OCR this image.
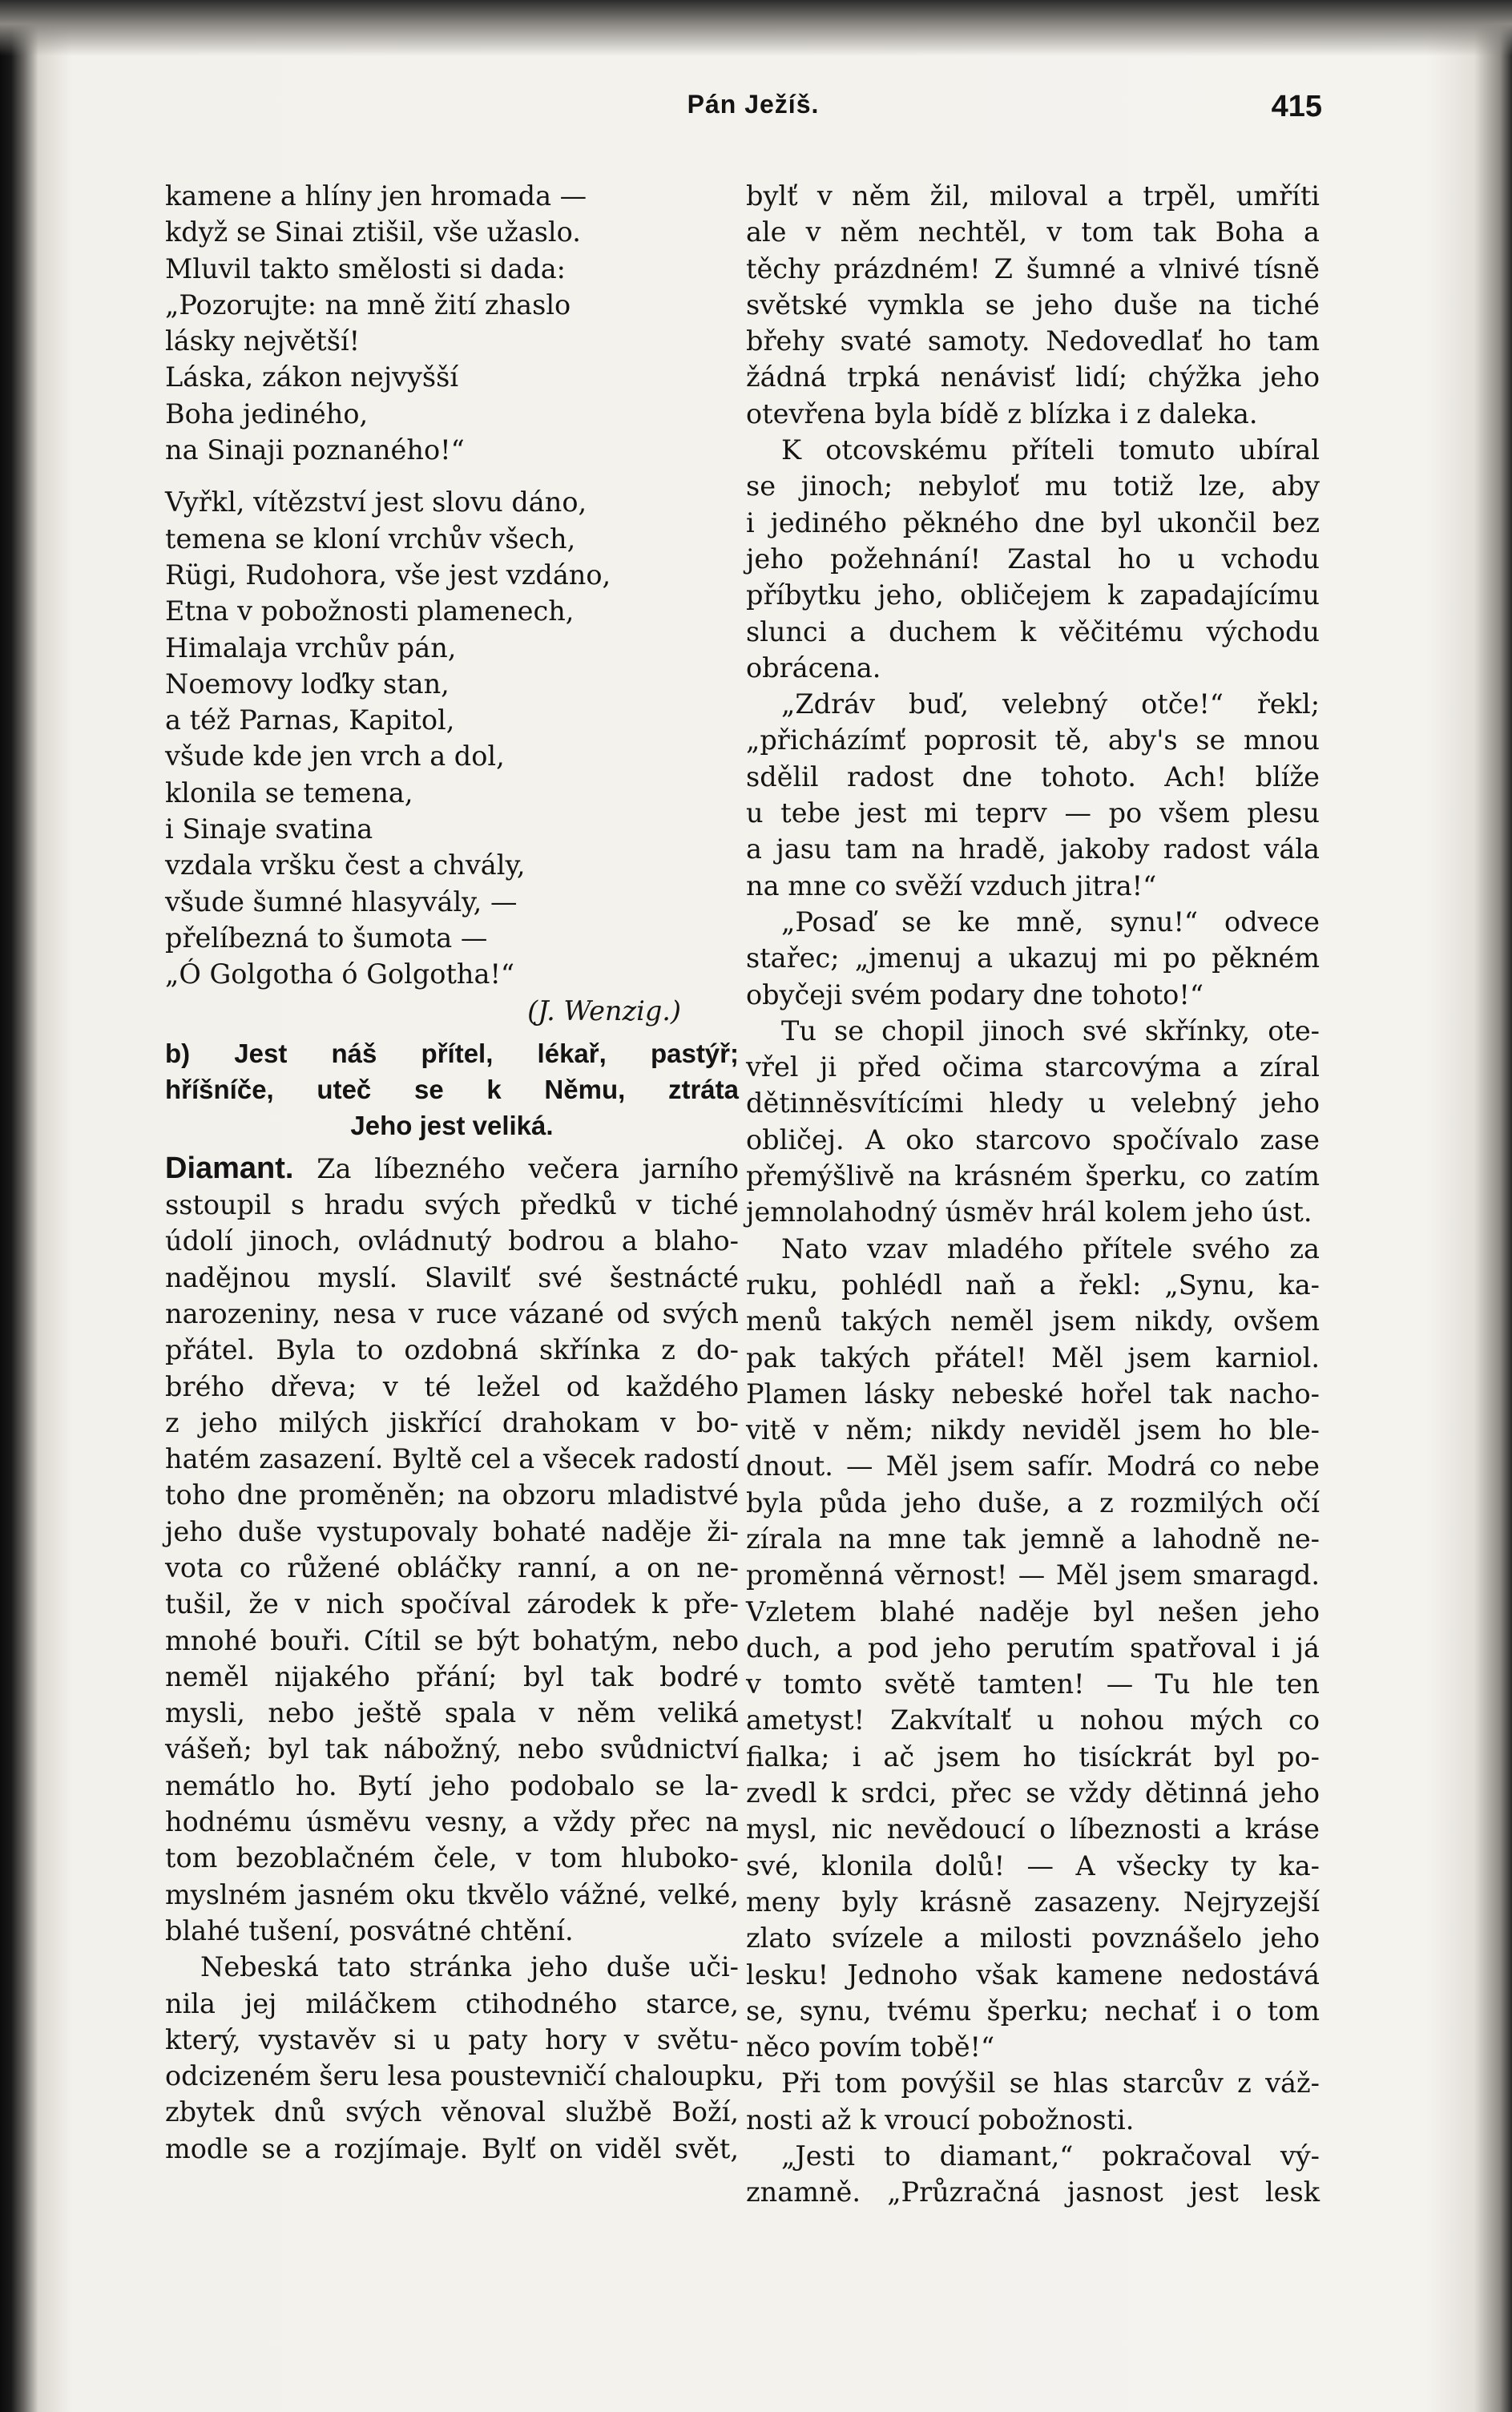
Pán Ježíš.	415
kamene a hlíny jen hromada —
když se Sinai ztišil, vše užaslo.
Mluvil takto smělosti si dada:
„Pozorujte: na mně žití zhaslo
lásky největší!
Láska, zákon nejvyšší
Boha jediného,
na Sinaji poznaného!“
Vyřkl, vítězství jest slovu dáno,
temena se kloní vrchův všech,
Rügi, Rudohora, vše jest vzdáno,
Etna v pobožnosti plamenech,
Himalaja vrchův pán,
Noemovy loďky stan,
a též Parnas, Kapitol,
všude kde jen vrch a dol,
klonila se temena,
i Sinaje svatina
vzdala vršku čest a chvály,
všude šumné hlasyvály, —
přelíbezná to šumota —
„Ó Golgotha ó Golgotha!“
(J. Wenzig.)
b) Jest náš přítel, lékař, pastýř;
hříšníče, uteč se k Němu, ztráta
Jeho jest veliká.
Diamant. Za líbezného večera jarního
sstoupil s hradu svých předků v tiché
údolí jinoch, ovládnutý bodrou a blaho-
nadějnou myslí. Slavilť své šestnácté
narozeniny, nesa v ruce vázané od svých
přátel. Byla to ozdobná skřínka z do-
brého dřeva; v té ležel od každého
z jeho milých jiskřící drahokam v bo-
hatém zasazení. Byltě cel a všecek radostí
toho dne proměněn; na obzoru mladistvé
jeho duše vystupovaly bohaté naděje ži-
vota co růžené obláčky ranní, a on ne-
tušil, že v nich spočíval zárodek k pře-
mnohé bouři. Cítil se být bohatým, nebo
neměl nijakého přání; byl tak bodré
mysli, nebo ještě spala v něm veliká
vášeň; byl tak nábožný, nebo svůdnictví
nemátlo ho. Bytí jeho podobalo se la-
hodnému úsměvu vesny, a vždy přec na
tom bezoblačném čele, v tom hluboko-
myslném jasném oku tkvělo vážné, velké,
blahé tušení, posvátné chtění.
Nebeská tato stránka jeho duše uči-
nila jej miláčkem ctihodného starce,
který, vystavěv si u paty hory v světu-
odcizeném šeru lesa poustevničí chaloupku,
zbytek dnů svých věnoval službě Boží,
modle se a rozjímaje. Bylť on viděl svět,
bylť v něm žil, miloval a trpěl, umříti
ale v něm nechtěl, v tom tak Boha a
těchy prázdném! Z šumné a vlnivé tísně
světské vymkla se jeho duše na tiché
břehy svaté samoty. Nedovedlať ho tam
žádná trpká nenávisť lidí; chýžka jeho
otevřena byla bídě z blízka i z daleka.
K otcovskému příteli tomuto ubíral
se jinoch; nebyloť mu totiž lze, aby
i jediného pěkného dne byl ukončil bez
jeho požehnání! Zastal ho u vchodu
příbytku jeho, obličejem k zapadajícímu
slunci a duchem k věčitému východu
obrácena.
„Zdráv buď, velebný otče!“ řekl;
„přicházímť poprosit tě, aby's se mnou
sdělil radost dne tohoto. Ach! blíže
u tebe jest mi teprv — po všem plesu
a jasu tam na hradě, jakoby radost vála
na mne co svěží vzduch jitra!“
„Posaď se ke mně, synu!“ odvece
stařec; „jmenuj a ukazuj mi po pěkném
obyčeji svém podary dne tohoto!“
Tu se chopil jinoch své skřínky, ote-
vřel ji před očima starcovýma a zíral
dětinněsvítícími hledy u velebný jeho
obličej. A oko starcovo spočívalo zase
přemýšlivě na krásném šperku, co zatím
jemnolahodný úsměv hrál kolem jeho úst.
Nato vzav mladého přítele svého za
ruku, pohlédl naň a řekl: „Synu, ka-
menů takých neměl jsem nikdy, ovšem
pak takých přátel! Měl jsem karniol.
Plamen lásky nebeské hořel tak nacho-
vitě v něm; nikdy neviděl jsem ho ble-
dnout. — Měl jsem safír. Modrá co nebe
byla půda jeho duše, a z rozmilých očí
zírala na mne tak jemně a lahodně ne-
proměnná věrnost! — Měl jsem smaragd.
Vzletem blahé naděje byl nešen jeho
duch, a pod jeho perutím spatřoval i já
v tomto světě tamten! — Tu hle ten
ametyst! Zakvítalť u nohou mých co
fialka; i ač jsem ho tisíckrát byl po-
zvedl k srdci, přec se vždy dětinná jeho
mysl, nic nevědoucí o líbeznosti a kráse
své, klonila dolů! — A všecky ty ka-
meny byly krásně zasazeny. Nejryzejší
zlato svízele a milosti povznášelo jeho
lesku! Jednoho však kamene nedostává
se, synu, tvému šperku; nechať i o tom
něco povím tobě!“
Při tom povýšil se hlas starcův z váž-
nosti až k vroucí pobožnosti.
„Jesti to diamant,“ pokračoval vý-
znamně. „Průzračná jasnost jest lesk
